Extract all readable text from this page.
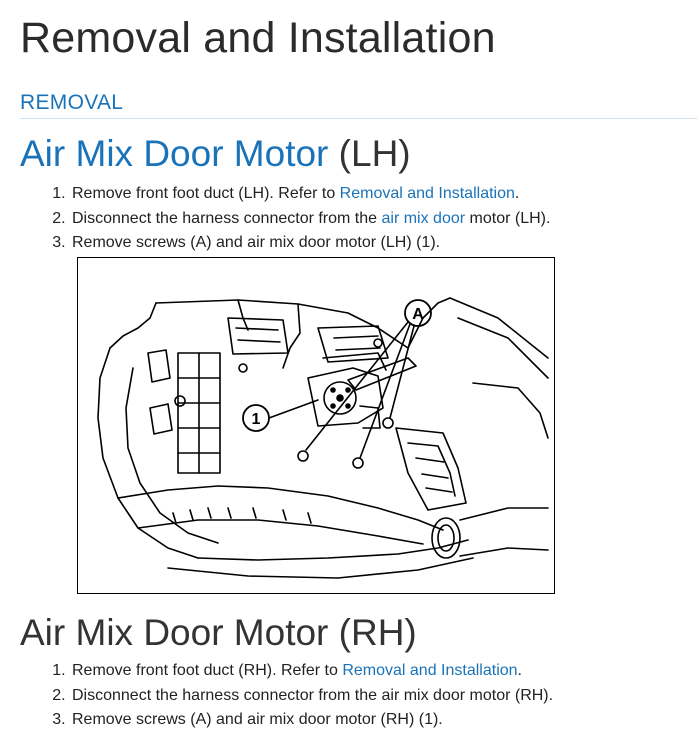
Removal and Installation
REMOVAL
Air Mix Door Motor (LH)
1. Remove front foot duct (LH). Refer to Removal and Installation.
2. Disconnect the harness connector from the air mix door motor (LH).
3. Remove screws (A) and air mix door motor (LH) (1).
1
A
Air Mix Door Motor (RH)
1. Remove front foot duct (RH). Refer to Removal and Installation.
2. Disconnect the harness connector from the air mix door motor (RH).
3. Remove screws (A) and air mix door motor (RH) (1).
